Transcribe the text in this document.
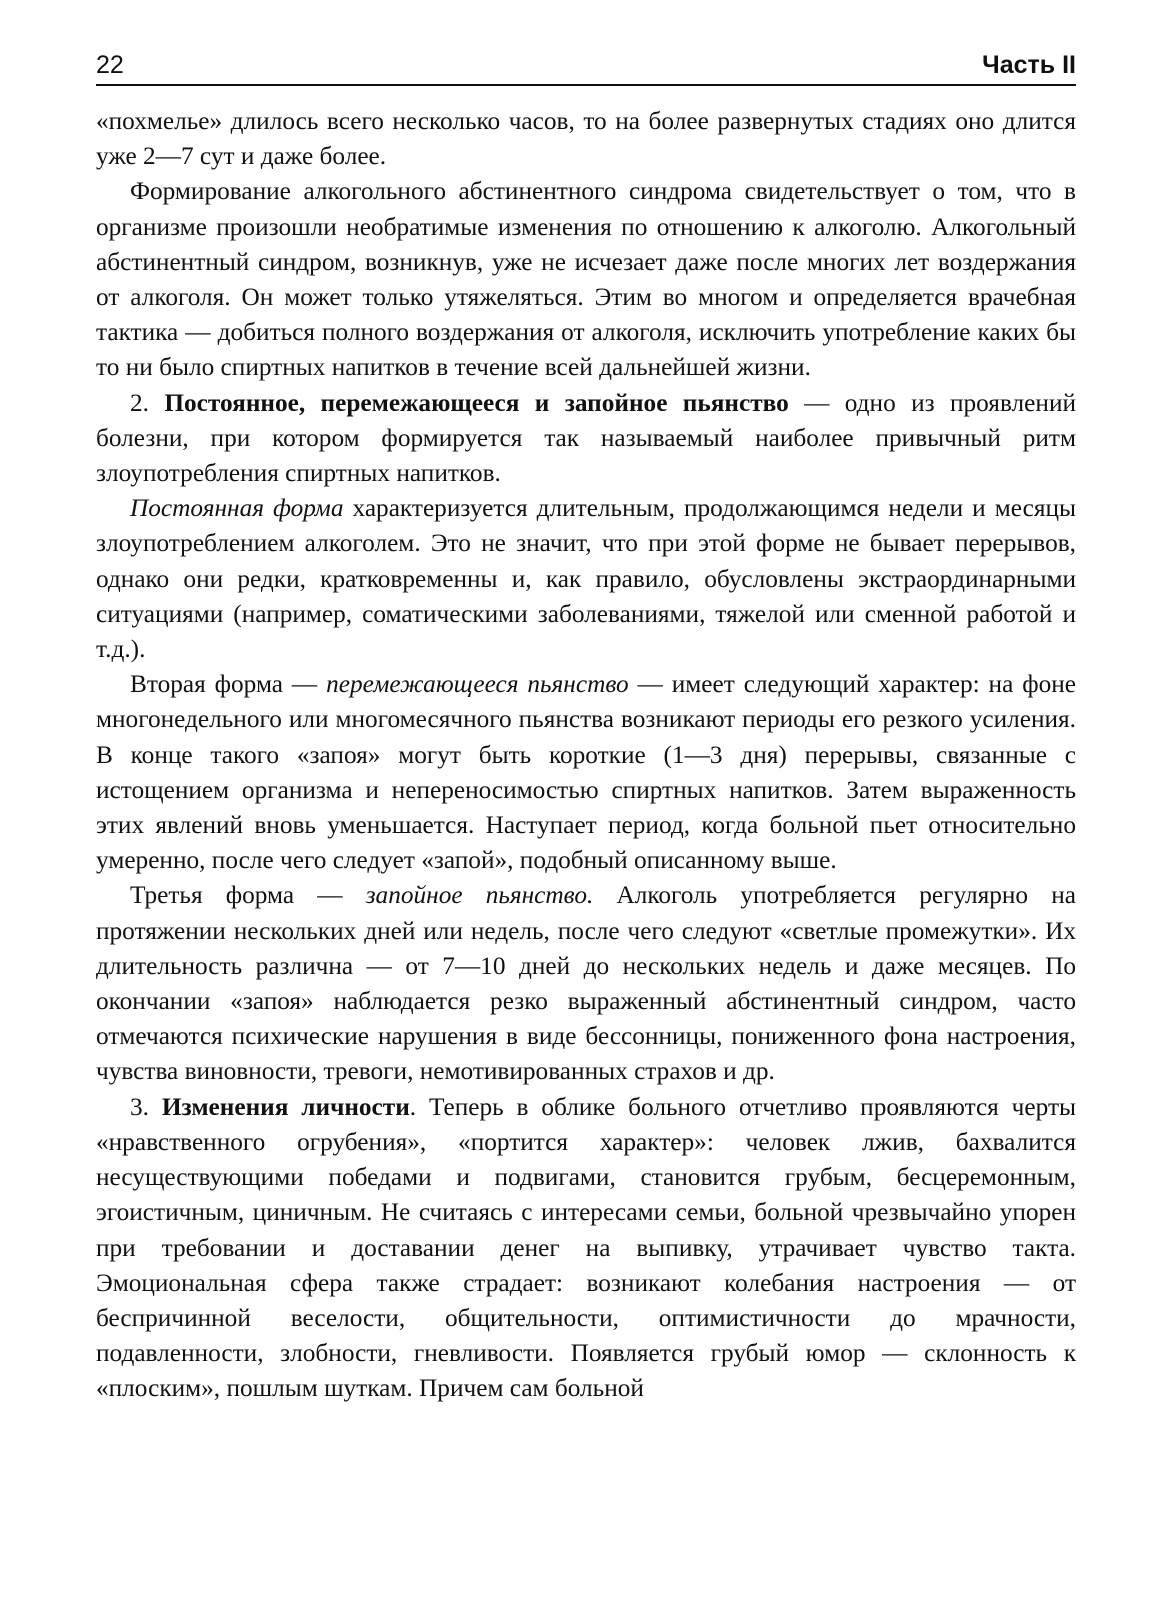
22	Часть II

«похмелье» длилось всего несколько часов, то на более развернутых стадиях оно длится уже 2—7 сут и даже более.

Формирование алкогольного абстинентного синдрома свидетельствует о том, что в организме произошли необратимые изменения по отношению к алкоголю. Алкогольный абстинентный синдром, возникнув, уже не исчезает даже после многих лет воздержания от алкоголя. Он может только утяжеляться. Этим во многом и определяется врачебная тактика — добиться полного воздержания от алкоголя, исключить употребление каких бы то ни было спиртных напитков в течение всей дальнейшей жизни.

2. Постоянное, перемежающееся и запойное пьянство — одно из проявлений болезни, при котором формируется так называемый наиболее привычный ритм злоупотребления спиртных напитков.

Постоянная форма характеризуется длительным, продолжающимся недели и месяцы злоупотреблением алкоголем. Это не значит, что при этой форме не бывает перерывов, однако они редки, кратковременны и, как правило, обусловлены экстраординарными ситуациями (например, соматическими заболеваниями, тяжелой или сменной работой и т.д.).

Вторая форма — перемежающееся пьянство — имеет следующий характер: на фоне многонедельного или многомесячного пьянства возникают периоды его резкого усиления. В конце такого «запоя» могут быть короткие (1—3 дня) перерывы, связанные с истощением организма и непереносимостью спиртных напитков. Затем выраженность этих явлений вновь уменьшается. Наступает период, когда больной пьет относительно умеренно, после чего следует «запой», подобный описанному выше.

Третья форма — запойное пьянство. Алкоголь употребляется регулярно на протяжении нескольких дней или недель, после чего следуют «светлые промежутки». Их длительность различна — от 7—10 дней до нескольких недель и даже месяцев. По окончании «запоя» наблюдается резко выраженный абстинентный синдром, часто отмечаются психические нарушения в виде бессонницы, пониженного фона настроения, чувства виновности, тревоги, немотивированных страхов и др.

3. Изменения личности. Теперь в облике больного отчетливо проявляются черты «нравственного огрубения», «портится характер»: человек лжив, бахвалится несуществующими победами и подвигами, становится грубым, бесцеремонным, эгоистичным, циничным. Не считаясь с интересами семьи, больной чрезвычайно упорен при требовании и доставании денег на выпивку, утрачивает чувство такта. Эмоциональная сфера также страдает: возникают колебания настроения — от беспричинной веселости, общительности, оптимистичности до мрачности, подавленности, злобности, гневливости. Появляется грубый юмор — склонность к «плоским», пошлым шуткам. Причем сам больной
